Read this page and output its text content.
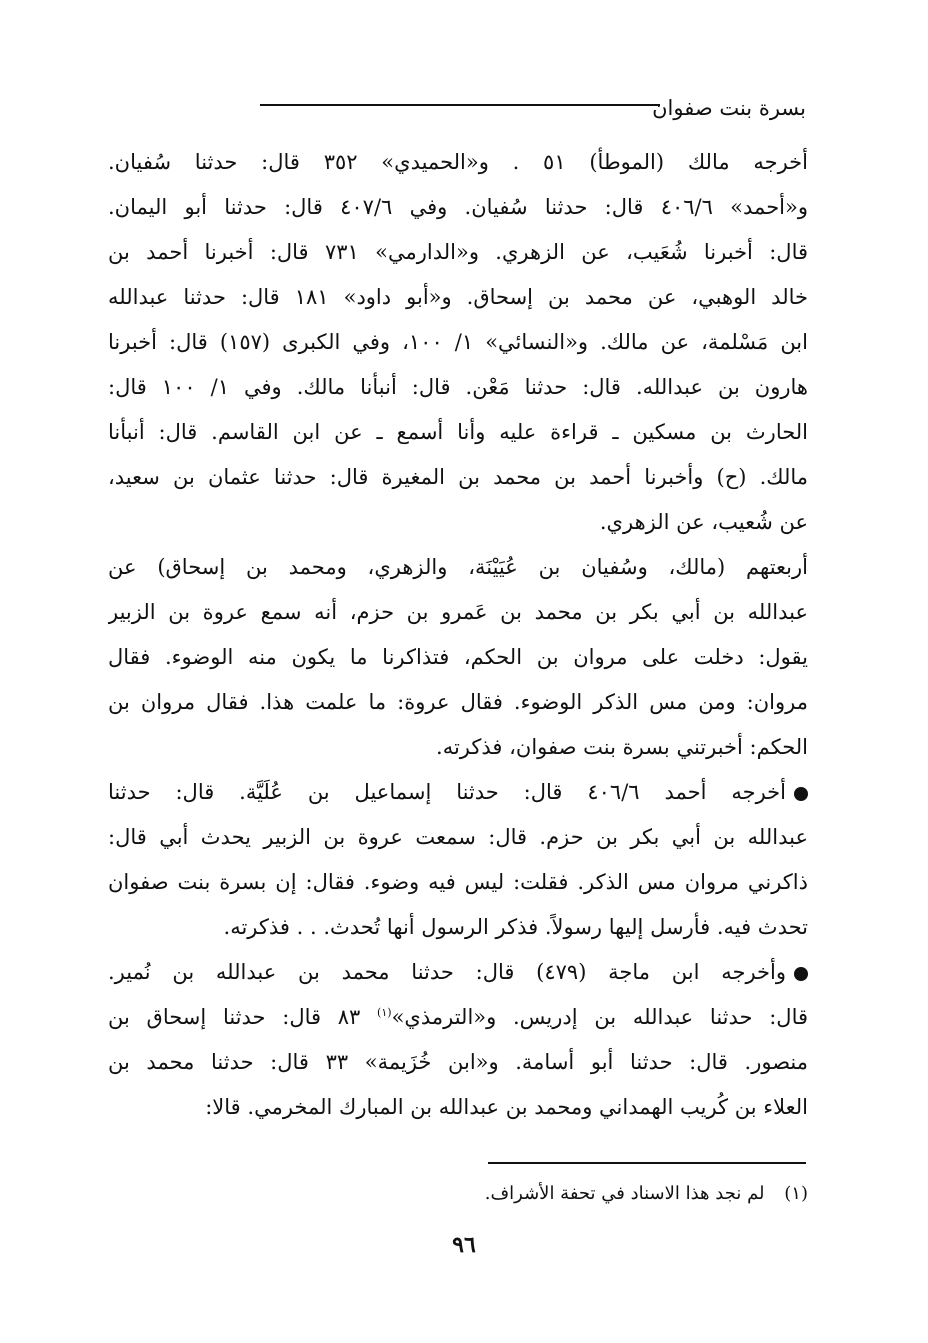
بسرة بنت صفوان
أخرجه مالك (الموطأ) ٥١ . و«الحميدي» ٣٥٢ قال: حدثنا سُفيان.
و«أحمد» ٤٠٦/٦ قال: حدثنا سُفيان. وفي ٤٠٧/٦ قال: حدثنا أبو اليمان.
قال: أخبرنا شُعَيب، عن الزهري. و«الدارمي» ٧٣١ قال: أخبرنا أحمد بن
خالد الوهبي، عن محمد بن إسحاق. و«أبو داود» ١٨١ قال: حدثنا عبدالله
ابن مَسْلمة، عن مالك. و«النسائي» ١/ ١٠٠، وفي الكبرى (١٥٧) قال: أخبرنا
هارون بن عبدالله. قال: حدثنا مَعْن. قال: أنبأنا مالك. وفي ١/ ١٠٠ قال:
الحارث بن مسكين ـ قراءة عليه وأنا أسمع ـ عن ابن القاسم. قال: أنبأنا
مالك. (ح) وأخبرنا أحمد بن محمد بن المغيرة قال: حدثنا عثمان بن سعيد،
عن شُعيب، عن الزهري.
أربعتهم (مالك، وسُفيان بن عُيَيْنَة، والزهري، ومحمد بن إسحاق) عن
عبدالله بن أبي بكر بن محمد بن عَمرو بن حزم، أنه سمع عروة بن الزبير
يقول: دخلت على مروان بن الحكم، فتذاكرنا ما يكون منه الوضوء. فقال
مروان: ومن مس الذكر الوضوء. فقال عروة: ما علمت هذا. فقال مروان بن
الحكم: أخبرتني بسرة بنت صفوان، فذكرته.
أخرجه أحمد ٤٠٦/٦ قال: حدثنا إسماعيل بن عُلَيَّة. قال: حدثنا
عبدالله بن أبي بكر بن حزم. قال: سمعت عروة بن الزبير يحدث أبي قال:
ذاكرني مروان مس الذكر. فقلت: ليس فيه وضوء. فقال: إن بسرة بنت صفوان
تحدث فيه. فأرسل إليها رسولاً. فذكر الرسول أنها تُحدث. . . فذكرته.
وأخرجه ابن ماجة (٤٧٩) قال: حدثنا محمد بن عبدالله بن نُمير.
قال: حدثنا عبدالله بن إدريس. و«الترمذي»$^{(١)}$ ٨٣ قال: حدثنا إسحاق بن
منصور. قال: حدثنا أبو أسامة. و«ابن خُزَيمة» ٣٣ قال: حدثنا محمد بن
العلاء بن كُريب الهمداني ومحمد بن عبدالله بن المبارك المخرمي. قالا:
(١) لم نجد هذا الاسناد في تحفة الأشراف.
٩٦
